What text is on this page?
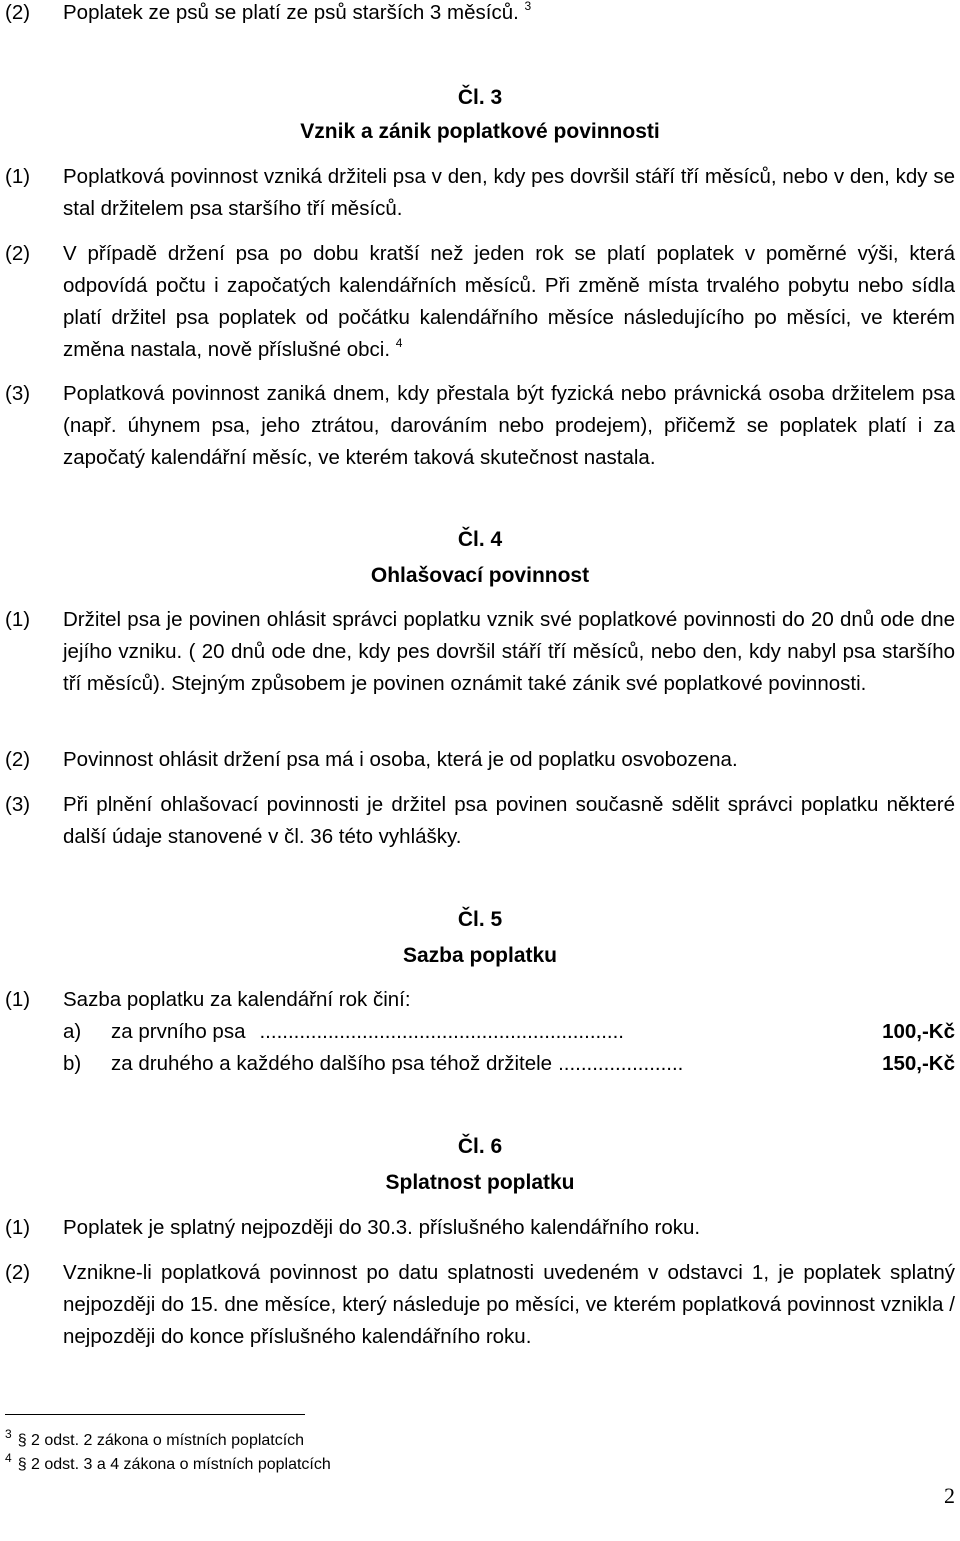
(2)	Poplatek ze psů se platí ze psů starších 3 měsíců. $^3$
Čl. 3
Vznik a zánik poplatkové povinnosti
(1)	Poplatková povinnost vzniká držiteli psa v den, kdy pes dovršil stáří tří měsíců, nebo v den, kdy se stal držitelem psa staršího tří měsíců.
(2)	V případě držení psa po dobu kratší než jeden rok se platí poplatek v poměrné výši, která odpovídá počtu i započatých kalendářních měsíců. Při změně místa trvalého pobytu nebo sídla platí držitel psa poplatek od počátku kalendářního měsíce následujícího po měsíci, ve kterém změna nastala, nově příslušné obci. $^4$
(3)	Poplatková povinnost zaniká dnem, kdy přestala být fyzická nebo právnická osoba držitelem psa (např. úhynem psa, jeho ztrátou, darováním nebo prodejem), přičemž se poplatek platí i za započatý kalendářní měsíc, ve kterém taková skutečnost nastala.
Čl. 4
Ohlašovací povinnost
(1)	Držitel psa je povinen ohlásit správci poplatku vznik své poplatkové povinnosti do 20 dnů ode dne jejího vzniku. ( 20 dnů ode dne, kdy pes dovršil stáří tří měsíců, nebo den, kdy nabyl psa staršího tří měsíců). Stejným způsobem je povinen oznámit také zánik své poplatkové povinnosti.
(2)	Povinnost ohlásit držení psa má i osoba, která je od poplatku osvobozena.
(3)	Při plnění ohlašovací povinnosti je držitel psa povinen současně sdělit správci poplatku některé další údaje stanovené v čl. 36 této vyhlášky.
Čl. 5
Sazba poplatku
(1)	Sazba poplatku za kalendářní rok činí:
a)	za prvního psa ................................................................	100,-Kč
b)	za druhého a každého dalšího psa téhož držitele ......................	150,-Kč
Čl. 6
Splatnost poplatku
(1)	Poplatek je splatný nejpozději do 30.3. příslušného kalendářního roku.
(2)	Vznikne-li poplatková povinnost po datu splatnosti uvedeném v odstavci 1, je poplatek splatný nejpozději do 15. dne měsíce, který následuje po měsíci, ve kterém poplatková povinnost vznikla / nejpozději do konce příslušného kalendářního roku.
$^3$ § 2 odst. 2 zákona o místních poplatcích
$^4$ § 2 odst. 3 a 4 zákona o místních poplatcích
2
